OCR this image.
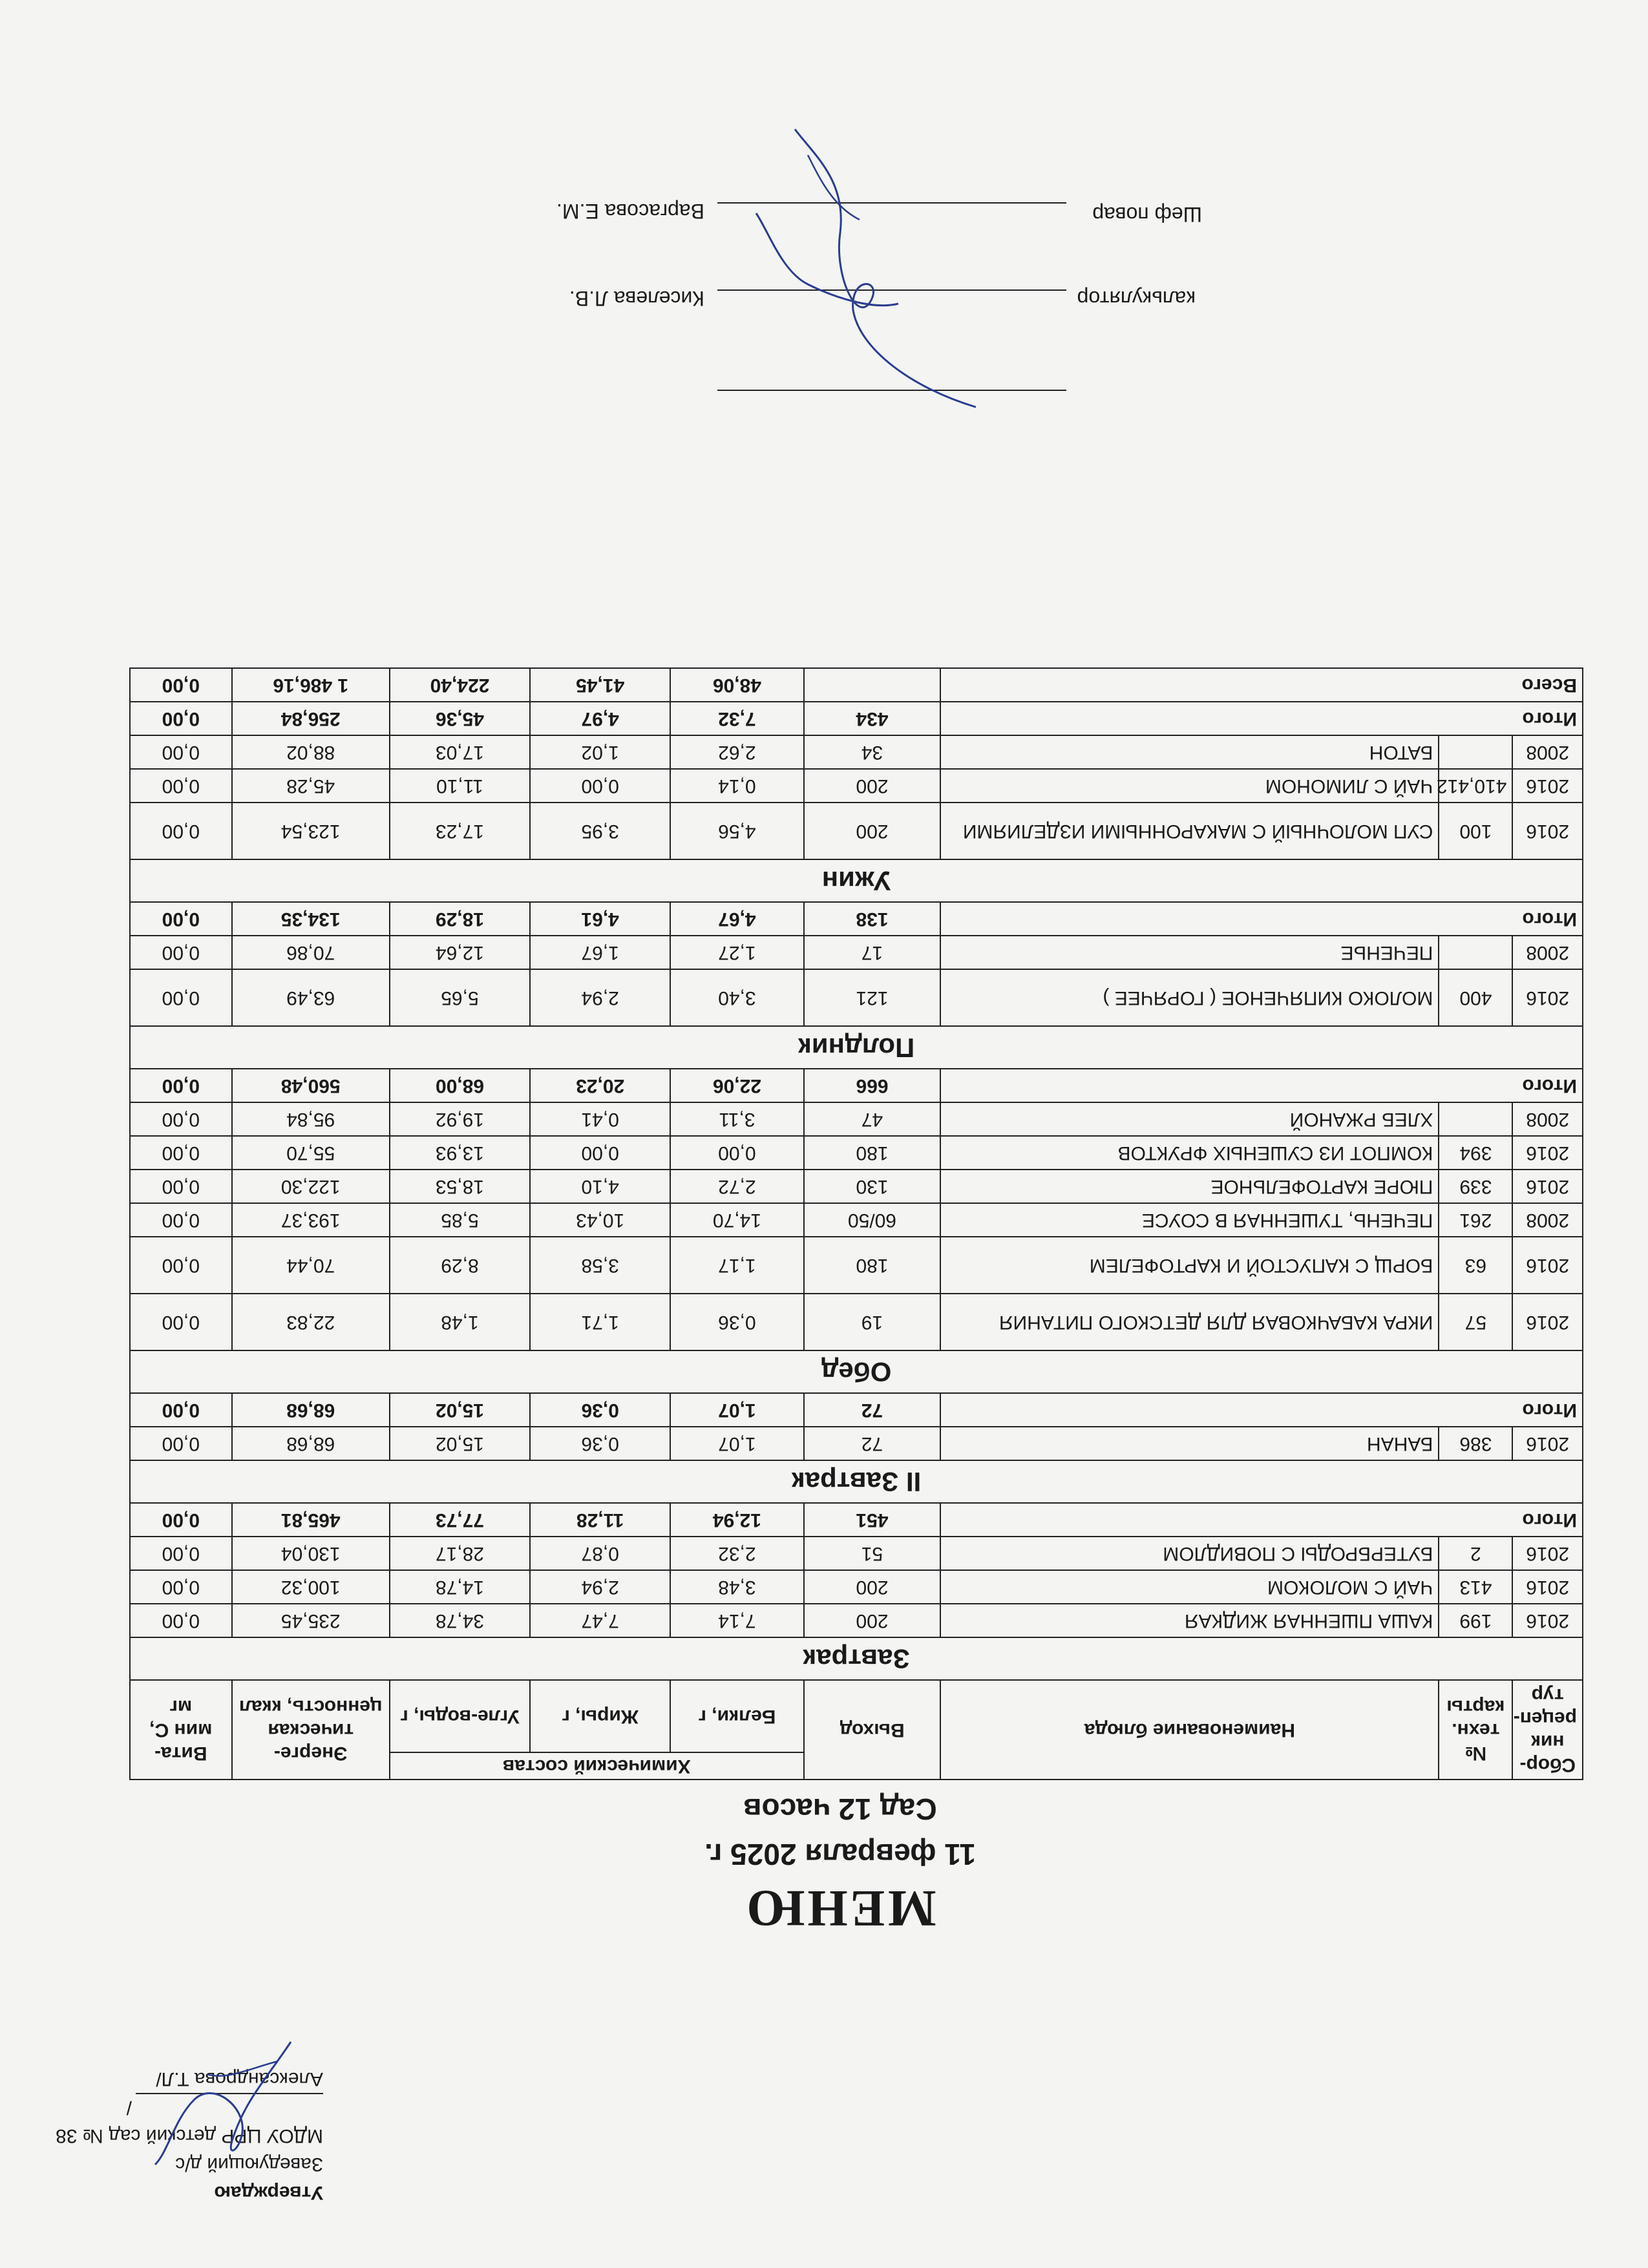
Утверждаю
Заведующий д/с
МДОУ ЦРР детский сад № 38
/Александрова Т.Л/
МЕНЮ
11 февраля 2025 г.
Сад 12 часов
Сбор-ник рецеп-тур	№ техн. карты	Наименование блюда	Выход	Химический состав			Энерге-тическая ценность, ккал	Вита-мин С, мг
				Белки, г	Жиры, г	Угле-воды, г		
Завтрак								
2016	199	КАША ПШЕННАЯ ЖИДКАЯ	200	7,14	7,47	34,78	235,45	0,00
2016	413	ЧАЙ С МОЛОКОМ	200	3,48	2,94	14,78	100,32	0,00
2016	2	БУТЕРБРОДЫ С ПОВИДЛОМ	51	2,32	0,87	28,17	130,04	0,00
Итого			451	12,94	11,28	77,73	465,81	0,00
II Завтрак								
2016	386	БАНАН	72	1,07	0,36	15,02	68,68	0,00
Итого			72	1,07	0,36	15,02	68,68	0,00
Обед								
2016	57	ИКРА КАБАЧКОВАЯ ДЛЯ ДЕТСКОГО ПИТАНИЯ	19	0,36	1,71	1,48	22,83	0,00
2016	63	БОРЩ С КАПУСТОЙ И КАРТОФЕЛЕМ	180	1,17	3,58	8,29	70,44	0,00
2008	261	ПЕЧЕНЬ, ТУШЕННАЯ В СОУСЕ	60/50	14,70	10,43	5,85	193,37	0,00
2016	339	ПЮРЕ КАРТОФЕЛЬНОЕ	130	2,72	4,10	18,53	122,30	0,00
2016	394	КОМПОТ ИЗ СУШЕНЫХ ФРУКТОВ	180	0,00	0,00	13,93	55,70	0,00
2008		ХЛЕБ РЖАНОЙ	47	3,11	0,41	19,92	95,84	0,00
Итого			666	22,06	20,23	68,00	560,48	0,00
Полдник								
2016	400	МОЛОКО КИПЯЧЕНОЕ ( ГОРЯЧЕЕ )	121	3,40	2,94	5,65	63,49	0,00
2008		ПЕЧЕНЬЕ	17	1,27	1,67	12,64	70,86	0,00
Итого			138	4,67	4,61	18,29	134,35	0,00
Ужин								
2016	100	СУП МОЛОЧНЫЙ С МАКАРОННЫМИ ИЗДЕЛИЯМИ	200	4,56	3,95	17,23	123,54	0,00
2016	410,412	ЧАЙ С ЛИМОНОМ	200	0,14	0,00	11,10	45,28	0,00
2008		БАТОН	34	2,62	1,02	17,03	88,02	0,00
Итого			434	7,32	4,97	45,36	256,84	0,00
Всего				48,06	41,45	224,40	1 486,16	0,00
калькулятор
Киселева Л.В.
Шеф повар
Варгасова Е.М.
